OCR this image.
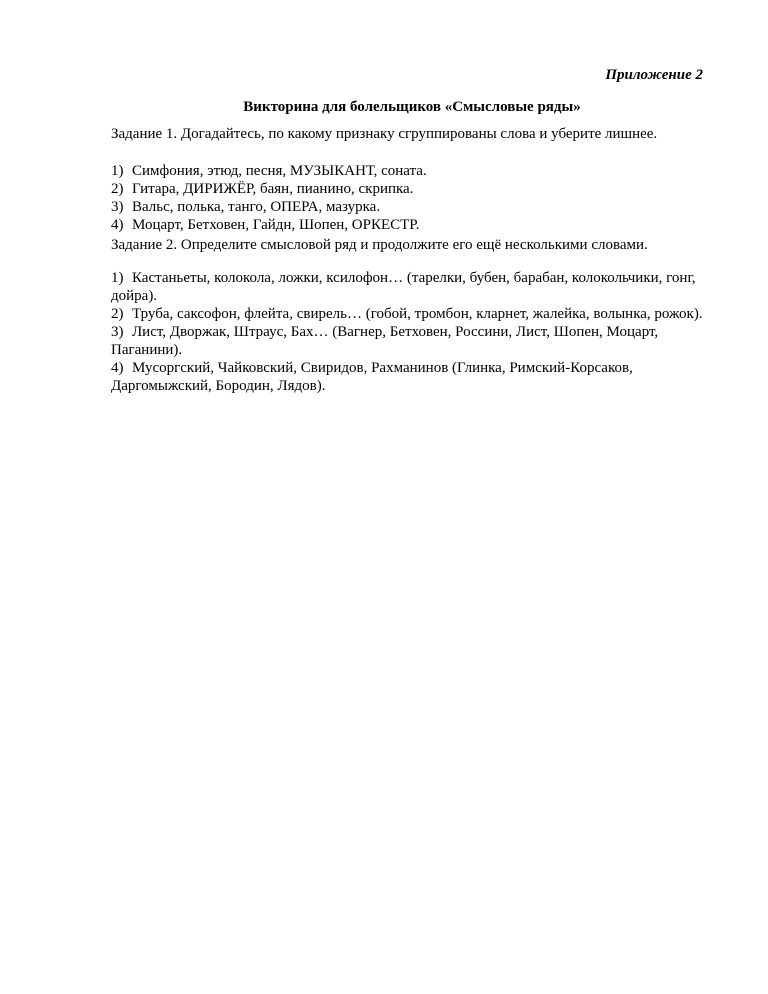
Приложение 2
Викторина для болельщиков «Смысловые ряды»
Задание 1. Догадайтесь, по какому признаку сгруппированы слова и уберите лишнее.
1) Симфония, этюд, песня, МУЗЫКАНТ, соната.
2) Гитара, ДИРИЖЁР, баян, пианино, скрипка.
3) Вальс, полька, танго, ОПЕРА, мазурка.
4) Моцарт, Бетховен, Гайдн, Шопен, ОРКЕСТР.
Задание 2. Определите смысловой ряд и продолжите его ещё несколькими словами.
1) Кастаньеты, колокола, ложки, ксилофон… (тарелки, бубен, барабан, колокольчики, гонг, дойра).
2) Труба, саксофон, флейта, свирель… (гобой, тромбон, кларнет, жалейка, волынка, рожок).
3) Лист, Дворжак, Штраус, Бах… (Вагнер, Бетховен, Россини, Лист, Шопен, Моцарт, Паганини).
4) Мусоргский, Чайковский, Свиридов, Рахманинов (Глинка, Римский-Корсаков, Даргомыжский, Бородин, Лядов).
